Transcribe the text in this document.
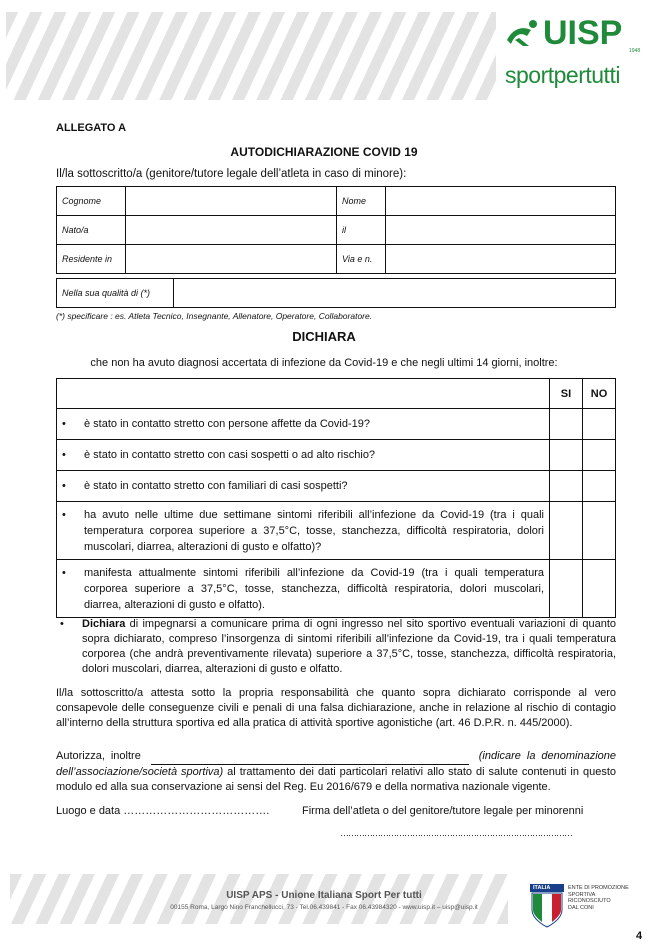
UISP 1948
sportpertutti
ALLEGATO A
AUTODICHIARAZIONE COVID 19
Il/la sottoscritto/a (genitore/tutore legale dell’atleta in caso di minore):
Cognome		Nome	
Nato/a		il	
Residente in		Via e n.	
Nella sua qualità di (*)	
(*) specificare : es. Atleta Tecnico, Insegnante, Allenatore, Operatore, Collaboratore.
DICHIARA
che non ha avuto diagnosi accertata di infezione da Covid-19 e che negli ultimi 14 giorni, inoltre:
	SI	NO

• è stato in contatto stretto con persone affette da Covid-19?		

• è stato in contatto stretto con casi sospetti o ad alto rischio?		

• è stato in contatto stretto con familiari di casi sospetti?		

• ha avuto nelle ultime due settimane sintomi riferibili all’infezione da Covid-19 (tra i quali temperatura corporea superiore a 37,5°C, tosse, stanchezza, difficoltà respiratoria, dolori muscolari, diarrea, alterazioni di gusto e olfatto)?		

• manifesta attualmente sintomi riferibili all’infezione da Covid-19 (tra i quali temperatura corporea superiore a 37,5°C, tosse, stanchezza, difficoltà respiratoria, dolori muscolari, diarrea, alterazioni di gusto e olfatto).		

•	Dichiara di impegnarsi a comunicare prima di ogni ingresso nel sito sportivo eventuali variazioni di quanto sopra dichiarato, compreso l’insorgenza di sintomi riferibili all’infezione da Covid-19, tra i quali temperatura corporea (che andrà preventivamente rilevata) superiore a 37,5°C, tosse, stanchezza, difficoltà respiratoria, dolori muscolari, diarrea, alterazioni di gusto e olfatto.
Il/la sottoscritto/a attesta sotto la propria responsabilità che quanto sopra dichiarato corrisponde al vero consapevole delle conseguenze civili e penali di una falsa dichiarazione, anche in relazione al rischio di contagio all’interno della struttura sportiva ed alla pratica di attività sportive agonistiche (art. 46 D.P.R. n. 445/2000).
Autorizza, inoltre	(indicare la denominazione dell’associazione/società sportiva) al trattamento dei dati particolari relativi allo stato di salute contenuti in questo modulo ed alla sua conservazione ai sensi del Reg. Eu 2016/679 e della normativa nazionale vigente.
Luogo e data ………………………………….	Firma dell’atleta o del genitore/tutore legale per minorenni
……………………………………………………………………………
UISP APS - Unione Italiana Sport Per tutti
00155 Roma, Largo Nino Franchellucci, 73 - Tel.06.439841 - Fax 06.43984320 - www.uisp.it – uisp@uisp.it
ITALIA	ENTE DI PROMOZIONE
SPORTIVA
RICONOSCIUTO
DAL CONI
4
